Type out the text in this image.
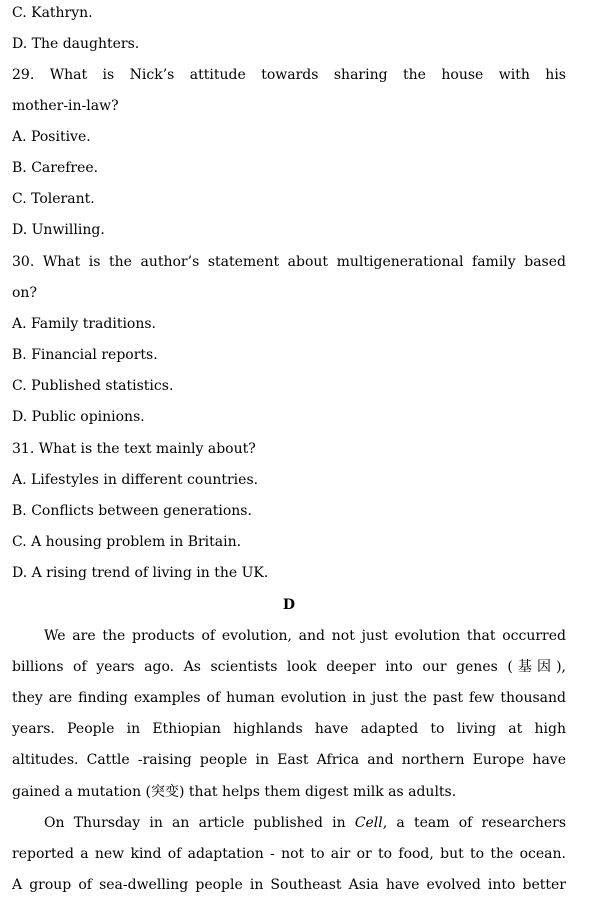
C. Kathryn.
D. The daughters.
29. What is Nick’s attitude towards sharing the house with his
mother-in-law?
A. Positive.
B. Carefree.
C. Tolerant.
D. Unwilling.
30. What is the author’s statement about multigenerational family based
on?
A. Family traditions.
B. Financial reports.
C. Published statistics.
D. Public opinions.
31. What is the text mainly about?
A. Lifestyles in different countries.
B. Conflicts between generations.
C. A housing problem in Britain.
D. A rising trend of living in the UK.
D
We are the products of evolution, and not just evolution that occurred
billions of years ago. As scientists look deeper into our genes (基因),
they are finding examples of human evolution in just the past few thousand
years. People in Ethiopian highlands have adapted to living at high
altitudes. Cattle -raising people in East Africa and northern Europe have
gained a mutation (突变) that helps them digest milk as adults.
On Thursday in an article published in Cell, a team of researchers
reported a new kind of adaptation - not to air or to food, but to the ocean.
A group of sea-dwelling people in Southeast Asia have evolved into better
